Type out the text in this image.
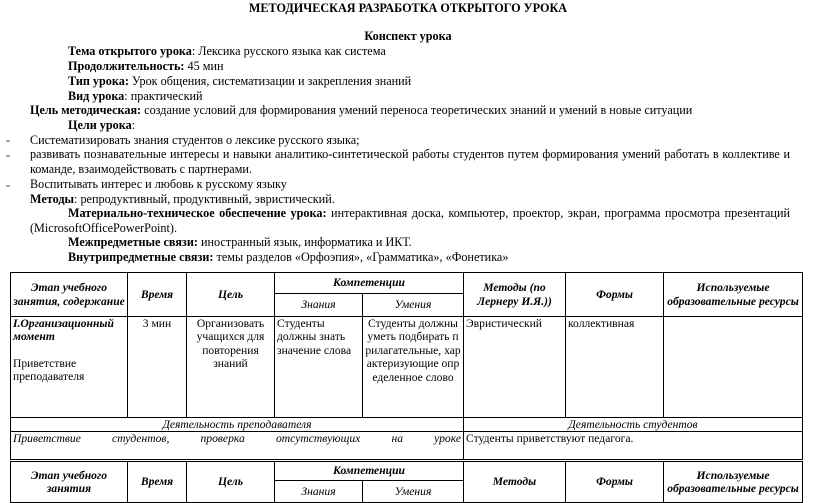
МЕТОДИЧЕСКАЯ РАЗРАБОТКА ОТКРЫТОГО УРОКА
Конспект урока
Тема открытого урока: Лексика русского языка как система
Продолжительность: 45 мин
Тип урока: Урок общения, систематизации и закрепления знаний
Вид урока: практический
Цель методическая: создание условий для формирования умений переноса теоретических знаний и умений в новые ситуации
Цели урока:
- Систематизировать знания студентов о лексике русского языка;
- развивать познавательные интересы и навыки аналитико-синтетической работы студентов путем формирования умений работать в коллективе и команде, взаимодействовать с партнерами.
- Воспитывать интерес и любовь к русскому языку
Методы: репродуктивный, продуктивный, эвристический.
Материально-техническое обеспечение урока: интерактивная доска, компьютер, проектор, экран, программа просмотра презентаций (MicrosoftOfficePowerPoint).
Межпредметные связи: иностранный язык, информатика и ИКТ.
Внутрипредметные связи: темы разделов «Орфоэпия», «Грамматика», «Фонетика»
Этап учебного занятия, содержание	Время	Цель	Компетенции		Методы (по Лернеру И.Я.))	Формы	Используемые образовательные ресурсы
			Знания	Умения			

I.Организационный момент
Приветствие преподавателя	3 мин	Организовать учащихся для повторения знаний	Студенты должны знать значение слова	Студенты должны уметь подбирать прилагательные, характеризующие определенное слово	Эвристический	коллективная	
Деятельность преподавателя					Деятельность студентов		

Приветствие студентов, проверка отсутствующих на уроке					Студенты приветствуют педагога.		
Этап учебного занятия	Время	Цель	Компетенции		Методы	Формы	Используемые образовательные ресурсы
			Знания	Умения			
